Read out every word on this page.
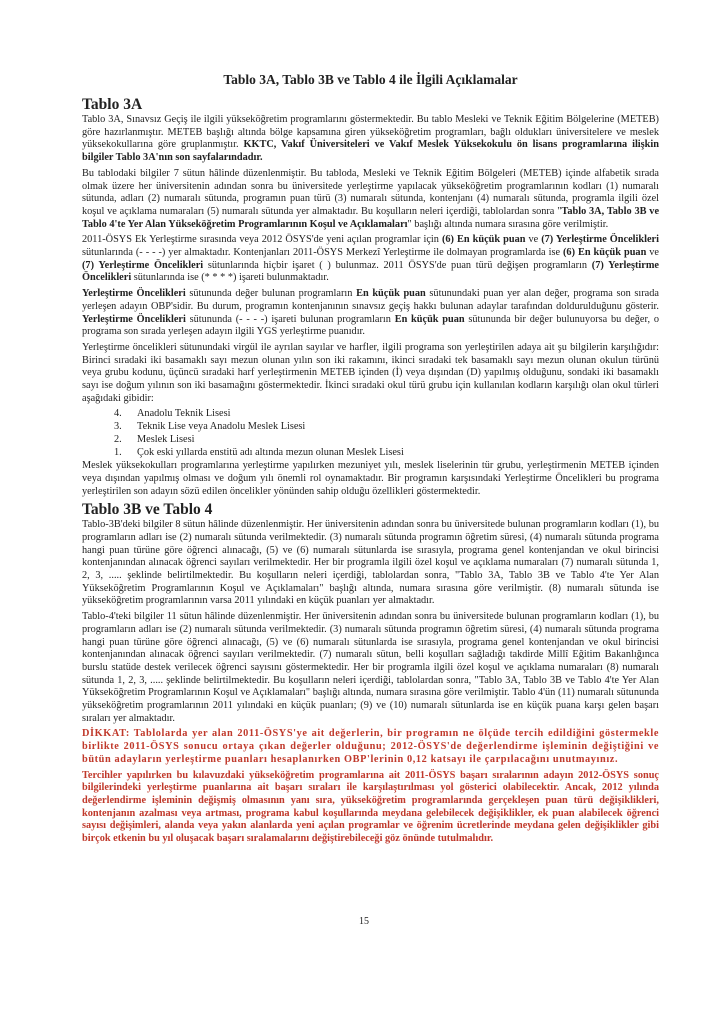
Tablo 3A, Tablo 3B ve Tablo 4 ile İlgili Açıklamalar
Tablo 3A

Tablo 3A, Sınavsız Geçiş ile ilgili yükseköğretim programlarını göstermektedir. Bu tablo Mesleki ve Teknik Eğitim Bölgelerine (METEB) göre hazırlanmıştır. METEB başlığı altında bölge kapsamına giren yükseköğretim programları, bağlı oldukları üniversitelere ve meslek yüksekokullarına göre gruplanmıştır. KKTC, Vakıf Üniversiteleri ve Vakıf Meslek Yüksekokulu ön lisans programlarına ilişkin bilgiler Tablo 3A'nın son sayfalarındadır.

Bu tablodaki bilgiler 7 sütun hâlinde düzenlenmiştir. Bu tabloda, Mesleki ve Teknik Eğitim Bölgeleri (METEB) içinde alfabetik sırada olmak üzere her üniversitenin adından sonra bu üniversitede yerleştirme yapılacak yükseköğretim programlarının kodları (1) numaralı sütunda, adları (2) numaralı sütunda, programın puan türü (3) numaralı sütunda, kontenjanı (4) numaralı sütunda, programla ilgili özel koşul ve açıklama numaraları (5) numaralı sütunda yer almaktadır. Bu koşulların neleri içerdiği, tablolardan sonra "Tablo 3A, Tablo 3B ve Tablo 4'te Yer Alan Yükseköğretim Programlarının Koşul ve Açıklamaları" başlığı altında numara sırasına göre verilmiştir.

2011-ÖSYS Ek Yerleştirme sırasında veya 2012 ÖSYS'de yeni açılan programlar için (6) En küçük puan ve (7) Yerleştirme Öncelikleri sütunlarında (- - - -) yer almaktadır. Kontenjanları 2011-ÖSYS Merkezî Yerleştirme ile dolmayan programlarda ise (6) En küçük puan ve (7) Yerleştirme Öncelikleri sütunlarında hiçbir işaret ( ) bulunmaz. 2011 ÖSYS'de puan türü değişen programların (7) Yerleştirme Öncelikleri sütunlarında ise (* * * *) işareti bulunmaktadır.

Yerleştirme Öncelikleri sütununda değer bulunan programların En küçük puan sütunundaki puan yer alan değer, programa son sırada yerleşen adayın OBP'sidir. Bu durum, programın kontenjanının sınavsız geçiş hakkı bulunan adaylar tarafından doldurulduğunu gösterir. Yerleştirme Öncelikleri sütununda (- - - -) işareti bulunan programların En küçük puan sütununda bir değer bulunuyorsa bu değer, o programa son sırada yerleşen adayın ilgili YGS yerleştirme puanıdır.

Yerleştirme öncelikleri sütunundaki virgül ile ayrılan sayılar ve harfler, ilgili programa son yerleştirilen adaya ait şu bilgilerin karşılığıdır: Birinci sıradaki iki basamaklı sayı mezun olunan yılın son iki rakamını, ikinci sıradaki tek basamaklı sayı mezun olunan okulun türünü veya grubu kodunu, üçüncü sıradaki harf yerleştirmenin METEB içinden (İ) veya dışından (D) yapılmış olduğunu, sondaki iki basamaklı sayı ise doğum yılının son iki basamağını göstermektedir. İkinci sıradaki okul türü grubu için kullanılan kodların karşılığı olan okul türleri aşağıdaki gibidir:

4.	Anadolu Teknik Lisesi
3.	Teknik Lise veya Anadolu Meslek Lisesi
2.	Meslek Lisesi
1.	Çok eski yıllarda enstitü adı altında mezun olunan Meslek Lisesi

Meslek yüksekokulları programlarına yerleştirme yapılırken mezuniyet yılı, meslek liselerinin tür grubu, yerleştirmenin METEB içinden veya dışından yapılmış olması ve doğum yılı önemli rol oynamaktadır. Bir programın karşısındaki Yerleştirme Öncelikleri bu programa yerleştirilen son adayın sözü edilen öncelikler yönünden sahip olduğu özellikleri göstermektedir.

Tablo 3B ve Tablo 4

Tablo-3B'deki bilgiler 8 sütun hâlinde düzenlenmiştir. Her üniversitenin adından sonra bu üniversitede bulunan programların kodları (1), bu programların adları ise (2) numaralı sütunda verilmektedir. (3) numaralı sütunda programın öğretim süresi, (4) numaralı sütunda programa hangi puan türüne göre öğrenci alınacağı, (5) ve (6) numaralı sütunlarda ise sırasıyla, programa genel kontenjandan ve okul birincisi kontenjanından alınacak öğrenci sayıları verilmektedir. Her bir programla ilgili özel koşul ve açıklama numaraları (7) numaralı sütunda 1, 2, 3, ..... şeklinde belirtilmektedir. Bu koşulların neleri içerdiği, tablolardan sonra, "Tablo 3A, Tablo 3B ve Tablo 4'te Yer Alan Yükseköğretim Programlarının Koşul ve Açıklamaları" başlığı altında, numara sırasına göre verilmiştir. (8) numaralı sütunda ise yükseköğretim programlarının varsa 2011 yılındaki en küçük puanları yer almaktadır.

Tablo-4'teki bilgiler 11 sütun hâlinde düzenlenmiştir. Her üniversitenin adından sonra bu üniversitede bulunan programların kodları (1), bu programların adları ise (2) numaralı sütunda verilmektedir. (3) numaralı sütunda programın öğretim süresi, (4) numaralı sütunda programa hangi puan türüne göre öğrenci alınacağı, (5) ve (6) numaralı sütunlarda ise sırasıyla, programa genel kontenjandan ve okul birincisi kontenjanından alınacak öğrenci sayıları verilmektedir. (7) numaralı sütun, belli koşulları sağladığı takdirde Millî Eğitim Bakanlığınca burslu statüde destek verilecek öğrenci sayısını göstermektedir. Her bir programla ilgili özel koşul ve açıklama numaraları (8) numaralı sütunda 1, 2, 3, ..... şeklinde belirtilmektedir. Bu koşulların neleri içerdiği, tablolardan sonra, "Tablo 3A, Tablo 3B ve Tablo 4'te Yer Alan Yükseköğretim Programlarının Koşul ve Açıklamaları" başlığı altında, numara sırasına göre verilmiştir. Tablo 4'ün (11) numaralı sütununda yükseköğretim programlarının 2011 yılındaki en küçük puanları; (9) ve (10) numaralı sütunlarda ise en küçük puana karşı gelen başarı sıraları yer almaktadır.

DİKKAT: Tablolarda yer alan 2011-ÖSYS'ye ait değerlerin, bir programın ne ölçüde tercih edildiğini göstermekle birlikte 2011-ÖSYS sonucu ortaya çıkan değerler olduğunu; 2012-ÖSYS'de değerlendirme işleminin değiştiğini ve bütün adayların yerleştirme puanları hesaplanırken OBP'lerinin 0,12 katsayı ile çarpılacağını unutmayınız.

Tercihler yapılırken bu kılavuzdaki yükseköğretim programlarına ait 2011-ÖSYS başarı sıralarının adayın 2012-ÖSYS sonuç bilgilerindeki yerleştirme puanlarına ait başarı sıraları ile karşılaştırılması yol gösterici olabilecektir. Ancak, 2012 yılında değerlendirme işleminin değişmiş olmasının yanı sıra, yükseköğretim programlarında gerçekleşen puan türü değişiklikleri, kontenjanın azalması veya artması, programa kabul koşullarında meydana gelebilecek değişiklikler, ek puan alabilecek öğrenci sayısı değişimleri, alanda veya yakın alanlarda yeni açılan programlar ve öğrenim ücretlerinde meydana gelen değişiklikler gibi birçok etkenin bu yıl oluşacak başarı sıralamalarını değiştirebileceği göz önünde tutulmalıdır.

15
